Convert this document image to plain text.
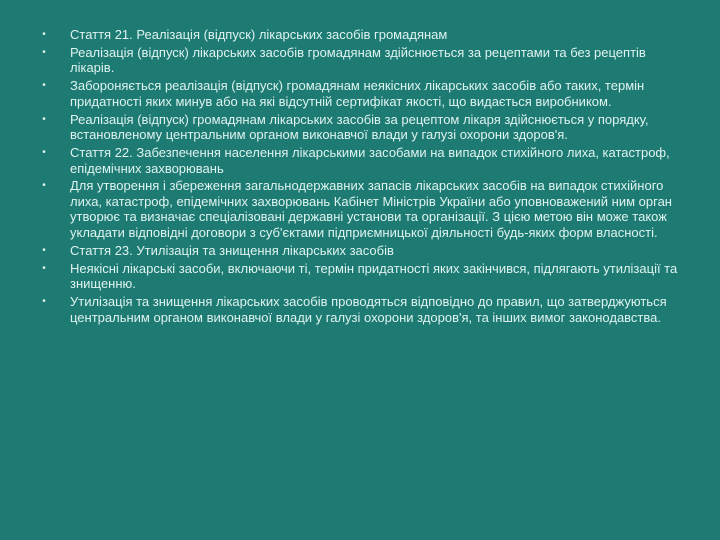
•	Стаття 21. Реалізація (відпуск) лікарських засобів громадянам
•	Реалізація (відпуск) лікарських засобів громадянам здійснюється за рецептами та без рецептів лікарів.
•	Забороняється реалізація (відпуск) громадянам неякісних лікарських засобів або таких, термін придатності яких минув або на які відсутній сертифікат якості, що видається виробником.
•	Реалізація (відпуск) громадянам лікарських засобів за рецептом лікаря здійснюється у порядку, встановленому центральним органом виконавчої влади у галузі охорони здоров'я.
•	Стаття 22. Забезпечення населення лікарськими засобами на випадок стихійного лиха, катастроф, епідемічних захворювань
•	Для утворення і збереження загальнодержавних запасів лікарських засобів на випадок стихійного лиха, катастроф, епідемічних захворювань Кабінет Міністрів України або уповноважений ним орган утворює та визначає спеціалізовані державні установи та організації. З цією метою він може також укладати відповідні договори з суб'єктами підприємницької діяльності будь-яких форм власності.
•	Стаття 23. Утилізація та знищення лікарських засобів
•	Неякісні лікарські засоби, включаючи ті, термін придатності яких закінчився, підлягають утилізації та знищенню.
•	Утилізація та знищення лікарських засобів проводяться відповідно до правил, що затверджуються центральним органом виконавчої влади у галузі охорони здоров'я, та інших вимог законодавства.
